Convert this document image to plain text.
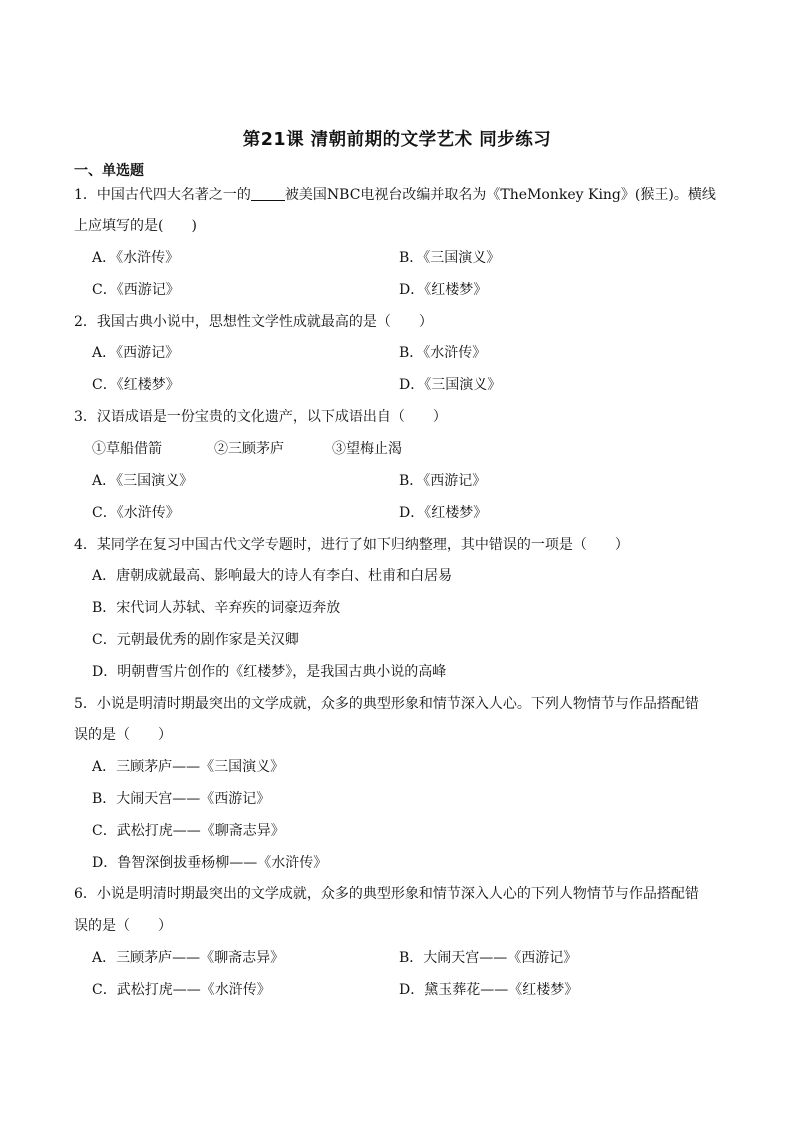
第21课 清朝前期的文学艺术 同步练习
一、单选题
1．中国古代四大名著之一的 被美国NBC电视台改编并取名为《TheMonkey King》(猴王)。横线
上应填写的是(　　)
A．《水浒传》	B．《三国演义》
C．《西游记》	D．《红楼梦》
2．我国古典小说中，思想性文学性成就最高的是（　　）
A．《西游记》	B．《水浒传》
C．《红楼梦》	D．《三国演义》
3．汉语成语是一份宝贵的文化遗产，以下成语出自（　　）
①草船借箭	②三顾茅庐	③望梅止渴
A．《三国演义》	B．《西游记》
C．《水浒传》	D．《红楼梦》
4．某同学在复习中国古代文学专题时，进行了如下归纳整理，其中错误的一项是（　　）
A．唐朝成就最高、影响最大的诗人有李白、杜甫和白居易
B．宋代词人苏轼、辛弃疾的词豪迈奔放
C．元朝最优秀的剧作家是关汉卿
D．明朝曹雪片创作的《红楼梦》，是我国古典小说的高峰
5．小说是明清时期最突出的文学成就，众多的典型形象和情节深入人心。下列人物情节与作品搭配错
误的是（　　）
A．三顾茅庐——《三国演义》
B．大闹天宫——《西游记》
C．武松打虎——《聊斋志异》
D．鲁智深倒拔垂杨柳——《水浒传》
6．小说是明清时期最突出的文学成就，众多的典型形象和情节深入人心的下列人物情节与作品搭配错
误的是（　　）
A．三顾茅庐——《聊斋志异》	B．大闹天宫——《西游记》
C．武松打虎——《水浒传》	D．黛玉葬花——《红楼梦》
